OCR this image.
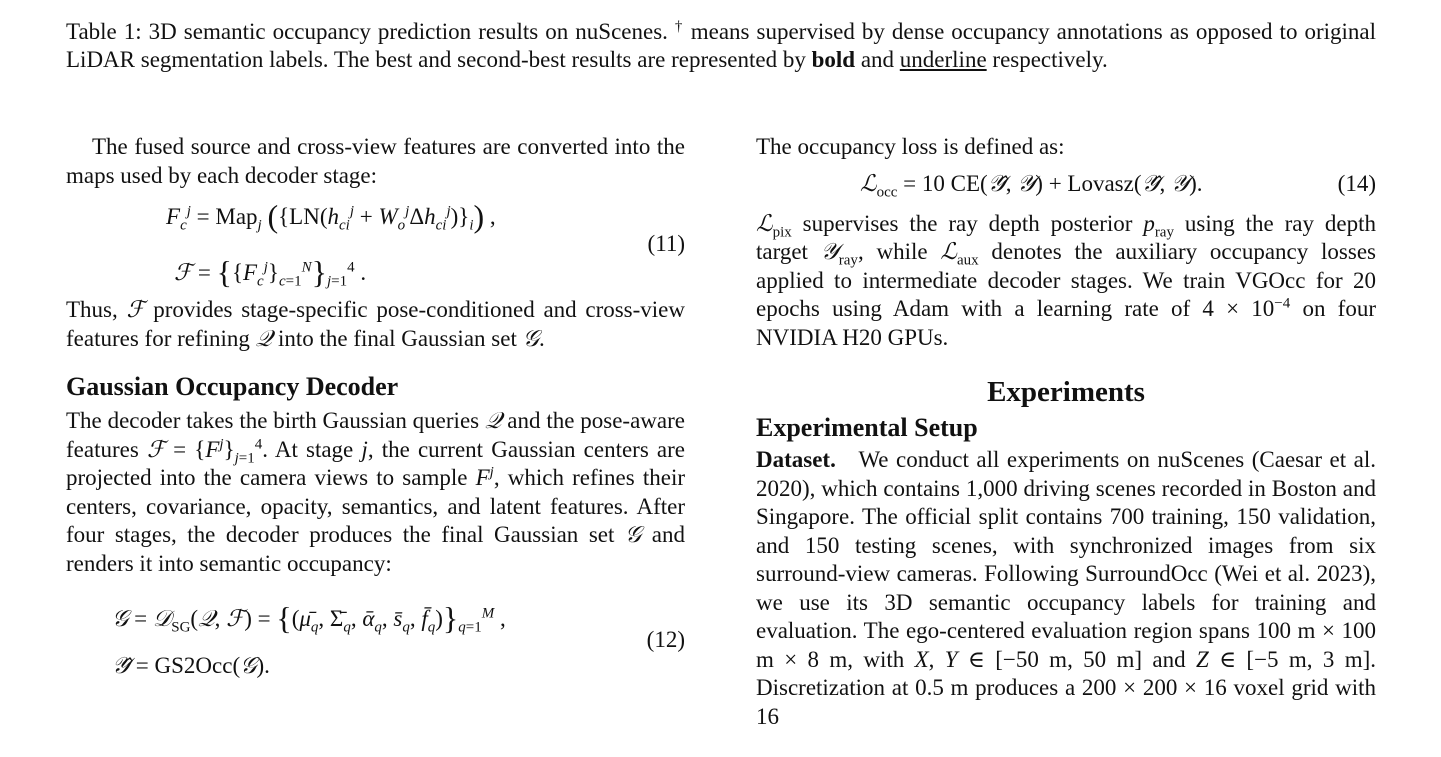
Table 1: 3D semantic occupancy prediction results on nuScenes. † means supervised by dense occupancy annotations as opposed to original LiDAR segmentation labels. The best and second-best results are represented by bold and underline respectively.

The fused source and cross-view features are converted into the maps used by each decoder stage:

$F_c^j = Map_j$ $(\{LN(h_{ci}^j + W_o^j\Delta h_{ci}^j)\}_i)$ ,
ℱ = $\{\{F_c^j\}_{c=1}^N\}_{j=1}^4$ .
(11)

Thus, ℱ provides stage-specific pose-conditioned and cross-view features for refining 𝒬 into the final Gaussian set 𝒢.

Gaussian Occupancy Decoder

The decoder takes the birth Gaussian queries 𝒬 and the pose-aware features ℱ = $\{F^j\}_{j=1}^4$. At stage j, the current Gaussian centers are projected into the camera views to sample $F^j$, which refines their centers, covariance, opacity, semantics, and latent features. After four stages, the decoder produces the final Gaussian set 𝒢 and renders it into semantic occupancy:

𝒢 = 𝒟$_{SG}$(𝒬, ℱ) = {($\mū_q$, $\Sigmā_q$, ᾱ$_q$, $s̄_q$, $f̄_q)\}_{q=1}^M$ ,
𝒴̂ = GS2Occ(𝒢).
(12)

The occupancy loss is defined as:

ℒ$_{occ}$ = 10 CE(𝒴̂, 𝒴) + Lovasz(𝒴̂, 𝒴).	(14)

ℒ$_{pix}$ supervises the ray depth posterior $p_{ray}$ using the ray depth target 𝒴$_{ray}$, while ℒ$_{aux}$ denotes the auxiliary occupancy losses applied to intermediate decoder stages. We train VGOcc for 20 epochs using Adam with a learning rate of $4 \times 10^{-4}$ on four NVIDIA H20 GPUs.

Experiments
Experimental Setup

Dataset. We conduct all experiments on nuScenes (Caesar et al. 2020), which contains 1,000 driving scenes recorded in Boston and Singapore. The official split contains 700 training, 150 validation, and 150 testing scenes, with synchronized images from six surround-view cameras. Following SurroundOcc (Wei et al. 2023), we use its 3D semantic occupancy labels for training and evaluation. The ego-centered evaluation region spans 100 m × 100 m × 8 m, with X, Y ∈ [−50 m, 50 m] and Z ∈ [−5 m, 3 m]. Discretization at 0.5 m produces a 200 × 200 × 16 voxel grid with 16
